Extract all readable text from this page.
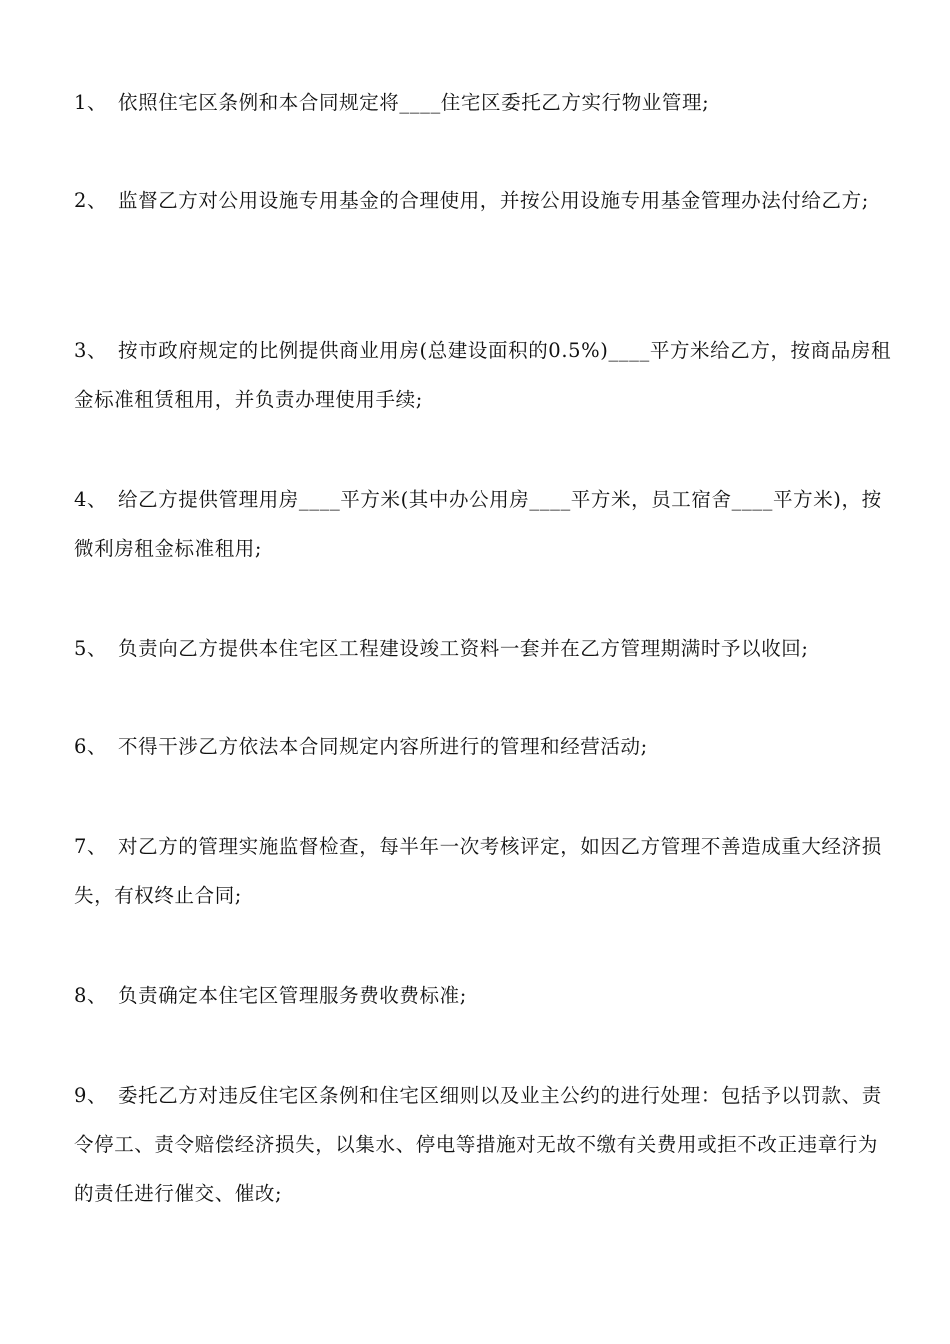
1、 依照住宅区条例和本合同规定将____住宅区委托乙方实行物业管理;
2、 监督乙方对公用设施专用基金的合理使用，并按公用设施专用基金管理办法付给乙方;
3、 按市政府规定的比例提供商业用房(总建设面积的0.5%)____平方米给乙方，按商品房租金标准租赁租用，并负责办理使用手续;
4、 给乙方提供管理用房____平方米(其中办公用房____平方米，员工宿舍____平方米)，按微利房租金标准租用;
5、 负责向乙方提供本住宅区工程建设竣工资料一套并在乙方管理期满时予以收回;
6、 不得干涉乙方依法本合同规定内容所进行的管理和经营活动;
7、 对乙方的管理实施监督检查，每半年一次考核评定，如因乙方管理不善造成重大经济损失，有权终止合同;
8、 负责确定本住宅区管理服务费收费标准;
9、 委托乙方对违反住宅区条例和住宅区细则以及业主公约的进行处理：包括予以罚款、责令停工、责令赔偿经济损失，以集水、停电等措施对无故不缴有关费用或拒不改正违章行为的责任进行催交、催改;
